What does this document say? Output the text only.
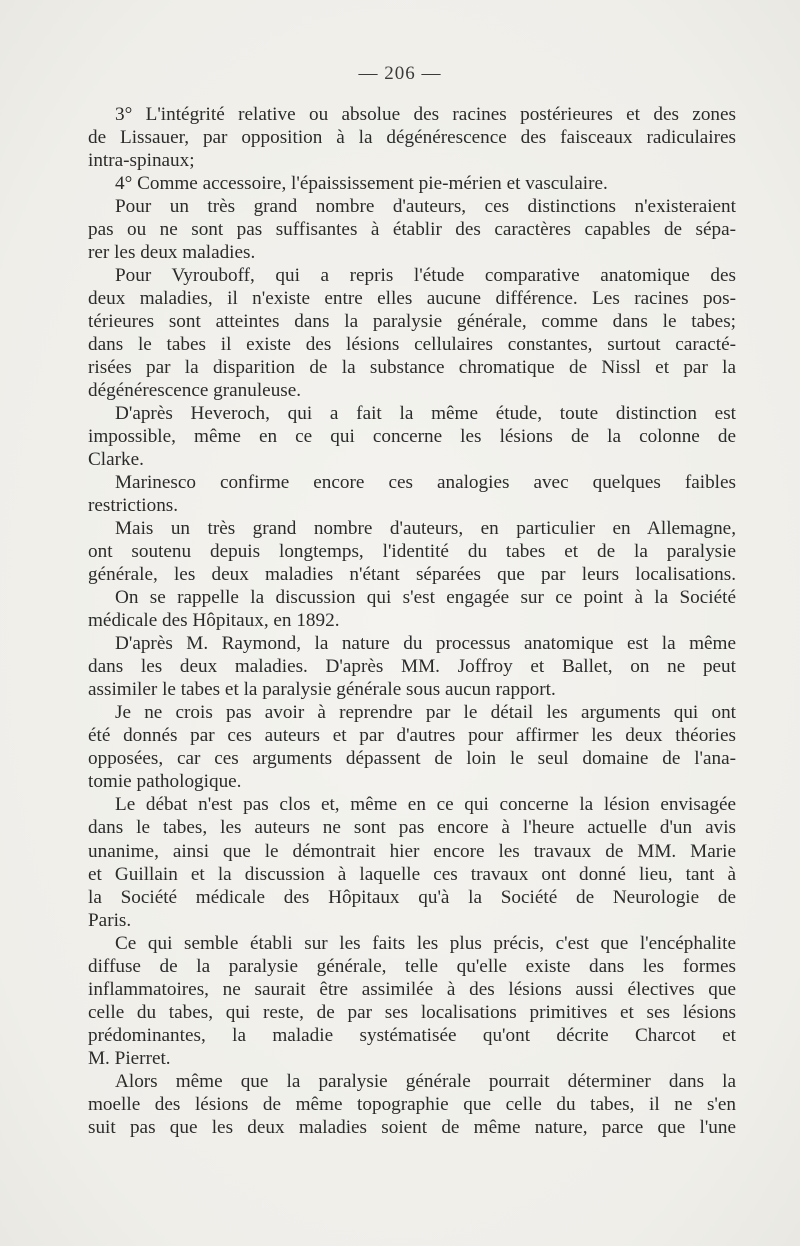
— 206 —
3° L'intégrité relative ou absolue des racines postérieures et des zones
de Lissauer, par opposition à la dégénérescence des faisceaux radiculaires
intra-spinaux;
4° Comme accessoire, l'épaississement pie-mérien et vasculaire.
Pour un très grand nombre d'auteurs, ces distinctions n'existeraient
pas ou ne sont pas suffisantes à établir des caractères capables de sépa-
rer les deux maladies.
Pour Vyrouboff, qui a repris l'étude comparative anatomique des
deux maladies, il n'existe entre elles aucune différence. Les racines pos-
térieures sont atteintes dans la paralysie générale, comme dans le tabes;
dans le tabes il existe des lésions cellulaires constantes, surtout caracté-
risées par la disparition de la substance chromatique de Nissl et par la
dégénérescence granuleuse.
D'après Heveroch, qui a fait la même étude, toute distinction est
impossible, même en ce qui concerne les lésions de la colonne de
Clarke.
Marinesco confirme encore ces analogies avec quelques faibles
restrictions.
Mais un très grand nombre d'auteurs, en particulier en Allemagne,
ont soutenu depuis longtemps, l'identité du tabes et de la paralysie
générale, les deux maladies n'étant séparées que par leurs localisations.
On se rappelle la discussion qui s'est engagée sur ce point à la Société
médicale des Hôpitaux, en 1892.
D'après M. Raymond, la nature du processus anatomique est la même
dans les deux maladies. D'après MM. Joffroy et Ballet, on ne peut
assimiler le tabes et la paralysie générale sous aucun rapport.
Je ne crois pas avoir à reprendre par le détail les arguments qui ont
été donnés par ces auteurs et par d'autres pour affirmer les deux théories
opposées, car ces arguments dépassent de loin le seul domaine de l'ana-
tomie pathologique.
Le débat n'est pas clos et, même en ce qui concerne la lésion envisagée
dans le tabes, les auteurs ne sont pas encore à l'heure actuelle d'un avis
unanime, ainsi que le démontrait hier encore les travaux de MM. Marie
et Guillain et la discussion à laquelle ces travaux ont donné lieu, tant à
la Société médicale des Hôpitaux qu'à la Société de Neurologie de
Paris.
Ce qui semble établi sur les faits les plus précis, c'est que l'encéphalite
diffuse de la paralysie générale, telle qu'elle existe dans les formes
inflammatoires, ne saurait être assimilée à des lésions aussi électives que
celle du tabes, qui reste, de par ses localisations primitives et ses lésions
prédominantes, la maladie systématisée qu'ont décrite Charcot et
M. Pierret.
Alors même que la paralysie générale pourrait déterminer dans la
moelle des lésions de même topographie que celle du tabes, il ne s'en
suit pas que les deux maladies soient de même nature, parce que l'une
